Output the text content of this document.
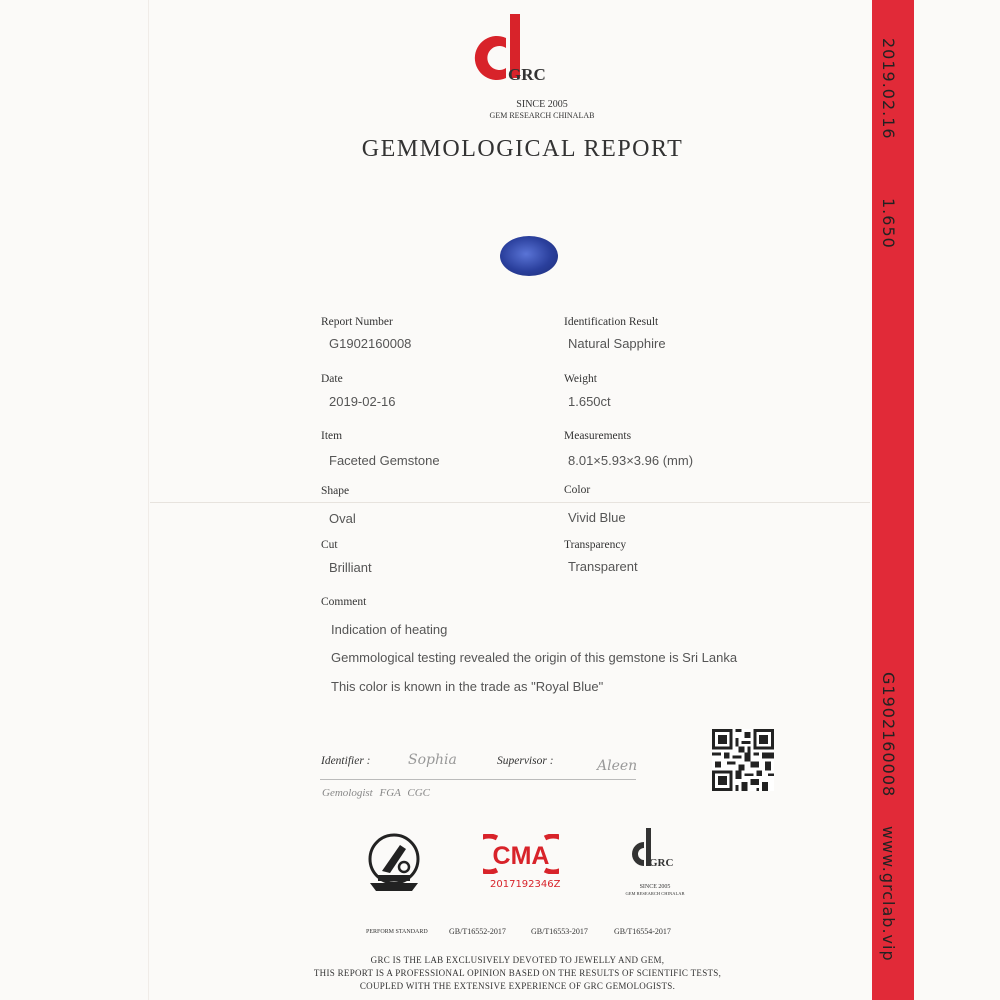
2019.02.16
1.650
G1902160008
www.grclab.vip
GRC
SINCE 2005
GEM RESEARCH CHINALAB
GEMMOLOGICAL REPORT
Report Number
G1902160008
Date
2019-02-16
Item
Faceted Gemstone
Shape
Oval
Cut
Brilliant
Identification Result
Natural Sapphire
Weight
1.650ct
Measurements
8.01×5.93×3.96 (mm)
Color
Vivid Blue
Transparency
Transparent
Comment
Indication of heating
Gemmological testing revealed the origin of this gemstone is Sri Lanka
This color is known in the trade as "Royal Blue"
Identifier :	Sophia	Supervisor :	Aleen
Gemologist FGA CGC
CMA
2017192346Z
GRC
SINCE 2005
GEM RESEARCH CHINALAB
PERFORM STANDARD	GB/T16552-2017	GB/T16553-2017	GB/T16554-2017
GRC IS THE LAB EXCLUSIVELY DEVOTED TO JEWELLY AND GEM,
THIS REPORT IS A PROFESSIONAL OPINION BASED ON THE RESULTS OF SCIENTIFIC TESTS,
COUPLED WITH THE EXTENSIVE EXPERIENCE OF GRC GEMOLOGISTS.
